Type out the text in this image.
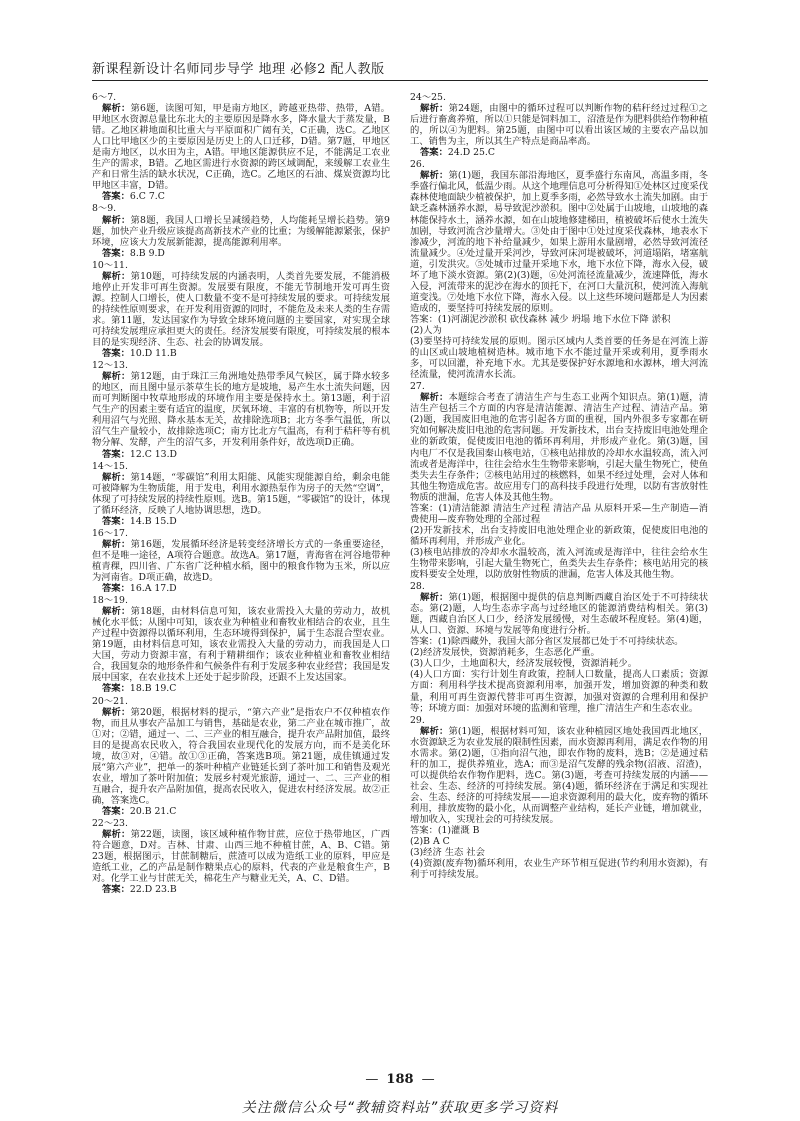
新课程新设计名师同步导学 地理 必修2 配人教版
6～7.
解析：第6题，读图可知，甲是南方地区，跨越亚热带、热带，A错。甲地区水资源总量比东北大的主要原因是降水多，降水量大于蒸发量，B错。乙地区耕地面积比重大与平原面积广阔有关，C正确，选C。乙地区人口比甲地区少的主要原因是历史上的人口迁移，D错。第7题，甲地区是南方地区，以水田为主，A错。甲地区能源供应不足，不能满足工农业生产的需求，B错。乙地区需进行水资源的跨区域调配，来缓解工农业生产和日常生活的缺水状况，C正确，选C。乙地区的石油、煤炭资源均比甲地区丰富，D错。
答案：6.C 7.C
8～9.
解析：第8题，我国人口增长呈减缓趋势，人均能耗呈增长趋势。第9题，加快产业升级应该提高高新技术产业的比重；为缓解能源紧张，保护环境，应该大力发展新能源，提高能源利用率。
答案：8.B 9.D
10～11.
解析：第10题，可持续发展的内涵表明，人类首先要发展，不能消极地停止开发非可再生资源。发展要有限度，不能无节制地开发可再生资源。控制人口增长，使人口数量不变不是可持续发展的要求。可持续发展的持续性原则要求，在开发利用资源的同时，不能危及未来人类的生存需求。第11题，发达国家作为导致全球环境问题的主要国家，对实现全球可持续发展理应承担更大的责任。经济发展要有限度，可持续发展的根本目的是实现经济、生态、社会的协调发展。
答案：10.D 11.B
12～13.
解析：第12题，由于珠江三角洲地处热带季风气候区，属于降水较多的地区，而且图中显示茶草生长的地方是坡地，易产生水土流失问题，因而可判断图中牧草地形成的环境作用主要是保持水土。第13题，利于沼气生产的因素主要有适宜的温度，厌氧环境、丰富的有机物等，所以开发利用沼气与光照、降水基本无关，故排除选项B；北方冬季气温低，所以沼气生产量较小，故排除选项C；南方比北方气温高，有利于秸秆等有机物分解、发酵，产生的沼气多，开发利用条件好，故选项D正确。
答案：12.C 13.D
14～15.
解析：第14题，“零碳馆”利用太阳能、风能实现能源自给，剩余电能可被降解为生物质能，用于发电，利用水源热泵作为房子的天然“空调”，体现了可持续发展的持续性原则。选B。第15题，“零碳馆”的设计，体现了循环经济，反映了人地协调思想，选D。
答案：14.B 15.D
16～17.
解析：第16题，发展循环经济是转变经济增长方式的一条重要途径，但不是唯一途径，A项符合题意。故选A。第17题，青海省在河谷地带种植青稞，四川省、广东省广泛种植水稻，图中的粮食作物为玉米，所以应为河南省。D项正确，故选D。
答案：16.A 17.D
18～19.
解析：第18题，由材料信息可知，该农业需投入大量的劳动力，故机械化水平低；从图中可知，该农业为种植业和畜牧业相结合的农业，且生产过程中资源得以循环利用，生态环境得到保护，属于生态混合型农业。第19题，由材料信息可知，该农业需投入大量的劳动力，而我国是人口大国，劳动力资源丰富，有利于精耕细作；该农业种植业和畜牧业相结合，我国复杂的地形条件和气候条件有利于发展多种农业经营；我国是发展中国家，在农业技术上还处于起步阶段，还跟不上发达国家。
答案：18.B 19.C
20～21.
解析：第20题，根据材料的提示，“第六产业”是指农户不仅种植农作物，而且从事农产品加工与销售，基础是农业，第二产业在城市推广，故①对；②错，通过一、二、三产业的相互融合，提升农产品附加值，最终目的是提高农民收入，符合我国农业现代化的发展方向，而不是美化环境，故③对，④错。故①③正确，答案选B项。第21题，成佳镇通过发展“第六产业”，把单一的茶叶种植产业链延长到了茶叶加工和销售及观光农业，增加了茶叶附加值；发展乡村观光旅游，通过一、二、三产业的相互融合，提升农产品附加值，提高农民收入，促进农村经济发展。故②正确，答案选C。
答案：20.B 21.C
22～23.
解析：第22题，读图，该区域种植作物甘蔗，应位于热带地区，广西符合题意，D对。吉林、甘肃、山西三地不种植甘蔗，A、B、C错。第23题，根据图示，甘蔗制糖后，蔗渣可以成为造纸工业的原料，甲应是造纸工业，乙的产品是制作糖果点心的原料，代表的产业是粮食生产，B对。化学工业与甘蔗无关，棉花生产与糖业无关，A、C、D错。
答案：22.D 23.B
24～25.
解析：第24题，由图中的循环过程可以判断作物的秸秆经过过程①之后进行畜禽养殖，所以①只能是饲料加工，沼渣是作为肥料供给作物种植的，所以④为肥料。第25题，由图中可以看出该区域的主要农产品以加工、销售为主，所以其生产特点是商品率高。
答案：24.D 25.C
26.
解析：第(1)题，我国东部沿海地区，夏季盛行东南风，高温多雨，冬季盛行偏北风，低温少雨。从这个地理信息可分析得知①处林区过度采伐森林使地面缺少植被保护，加上夏季多雨，必然导致水土流失加剧。由于缺乏森林涵养水源，易导致泥沙淤积。图中②处属于山坡地，山坡地的森林能保持水土，涵养水源，如在山坡地修建梯田，植被破坏后使水土流失加剧，导致河流含沙量增大。③处由于图中①处过度采伐森林，地表水下渗减少，河流的地下补给量减少，如果上游用水量剧增，必然导致河流径流量减少。④处过量开采河沙，导致河床河堤被破坏，河道塌陷，堵塞航道，引发洪灾。⑤处城市过量开采地下水，地下水位下降，海水入侵，破坏了地下淡水资源。第(2)(3)题，⑥处河流径流量减少，流速降低，海水入侵，河流带来的泥沙在海水的顶托下，在河口大量沉积，使河流入海航道变浅。⑦处地下水位下降，海水入侵。以上这些环境问题都是人为因素造成的，要坚持可持续发展的原则。
答案：(1)河湖泥沙淤积 砍伐森林 减少 坍塌 地下水位下降 淤积
(2)人为
(3)要坚持可持续发展的原则。图示区域内人类首要的任务是在河流上游的山区或山坡地植树造林。城市地下水不能过量开采或利用，夏季雨水多，可以回灌，补充地下水。尤其是要保护好水源地和水源林，增大河流径流量，使河流清水长流。
27.
解析：本题综合考查了清洁生产与生态工业两个知识点。第(1)题，清洁生产包括三个方面的内容是清洁能源、清洁生产过程、清洁产品。第(2)题，我国废旧电池的危害引起各方面的重视，国内外很多专家都在研究如何解决废旧电池的危害问题。开发新技术，出台支持废旧电池处理企业的新政策，促使废旧电池的循环再利用，并形成产业化。第(3)题，国内电厂不仅是我国秦山核电站，①核电站排放的冷却水水温较高，流入河流或者是海洋中，往往会给水生生物带来影响，引起大量生物死亡，使鱼类失去生存条件；②核电站用过的核燃料，如果不经过处理，会对人体和其他生物造成危害。故应用专门的高科技手段进行处理，以防有害放射性物质的泄漏，危害人体及其他生物。
答案：(1)清洁能源 清洁生产过程 清洁产品 从原料开采—生产制造—消费使用—废弃物处理的全部过程
(2)开发新技术，出台支持废旧电池处理企业的新政策，促使废旧电池的循环再利用，并形成产业化。
(3)核电站排放的冷却水水温较高，流入河流或是海洋中，往往会给水生生物带来影响，引起大量生物死亡，鱼类失去生存条件；核电站用完的核废料要安全处理，以防放射性物质的泄漏，危害人体及其他生物。
28.
解析：第(1)题，根据图中提供的信息判断西藏自治区处于不可持续状态。第(2)题，人均生态赤字高与过经地区的能源消费结构相关。第(3)题，西藏自治区人口少，经济发展缓慢，对生态破坏程度轻。第(4)题，从人口、资源、环境与发展等角度进行分析。
答案：(1)除西藏外，我国大部分省区发展都已处于不可持续状态。
(2)经济发展快，资源消耗多，生态恶化严重。
(3)人口少，土地面积大，经济发展较慢，资源消耗少。
(4)人口方面：实行计划生育政策，控制人口数量，提高人口素质；资源方面：利用科学技术提高资源利用率，加强开发，增加资源的种类和数量，利用可再生资源代替非可再生资源，加强对资源的合理利用和保护等；环境方面：加强对环境的监测和管理，推广清洁生产和生态农业。
29.
解析：第(1)题，根据材料可知，该农业种植园区地处我国西北地区，水资源缺乏为农业发展的限制性因素，而水资源再利用，满足农作物的用水需求。第(2)题，①指向沼气池，即农作物的废料，选B；②是通过秸秆的加工，提供养殖业，选A；而③是沼气发酵的残余物(沼液、沼渣)，可以提供给农作物作肥料，选C。第(3)题，考查可持续发展的内涵——社会、生态、经济的可持续发展。第(4)题，循环经济在于满足和实现社会、生态、经济的可持续发展——追求资源利用的最大化，废弃物的循环利用，排放废物的最小化，从而调整产业结构，延长产业链，增加就业，增加收入，实现社会的可持续发展。
答案：(1)灌溉 B
(2)B A C
(3)经济 生态 社会
(4)资源(废弃物)循环利用，农业生产环节相互促进(节约利用水资源)，有利于可持续发展。
— 188 —
关注微信公众号“教辅资料站”获取更多学习资料
